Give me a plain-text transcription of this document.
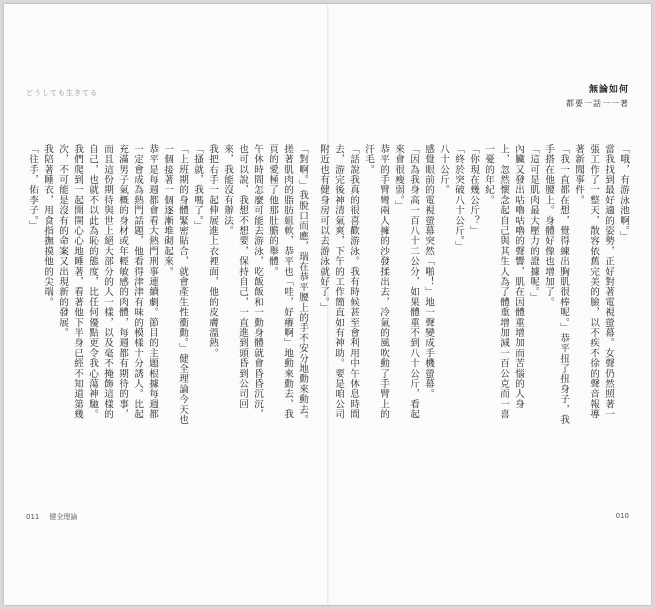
どうしても生きてる

「對啊。」我脫口而應，瑞在恭平腰上的手不安分地動來動去。搓著肌肉的脂肪組軟，恭平也「哇，好癢啊」地動來動去，我頁的愛極了他那肚膽的舉體。

午休時間怎麼可能去游泳，吃飯飯和一動身體就會昏昏沉沉，也可以說，我想不想要，保持自己，一直進到頭昏到公司回來，我能沒有辦法。

我把右手一起伸展進上衣裡面，他的皮膚溫熱。

「搔就，我嗎了。」

「上班期的身體緊密貼合，就會產生性衝動。」健全理論今天也一個接著一個逐漸堆砌起來。

恭平是每週都會看大熱門刑事連續劇。節目的主題根據每週都一定會成為熱門話題，他看得津津有味的模樣十分誘人。比起充滿男子氣概的身材或年輕敏感的肉體，每週都有期待的事，而且這份期待與世上絕大部分的人一樣，以及毫不掩飾這樣的自己，也就不以此為恥的態度，比任何優點更令我心蕩神馳。

我們爬到一起開開心心地睡著，看著他下半身已經不知道第幾次，不可能是沒有的命案又出現新的發展。

我陪著睡衣，用食指撫摸他的尖端。

「往手，佑李子。」

011 健全理論
無論如何
都要一話一一著

「哦，有游泳池啊。」

當我找到最好適的姿勢，正好對著電視螢幕。女聲仍然照著一張工作了一整天，散容依舊完美的臉，以不疾不徐的聲音報導著新聞事件。

「我一直都在想，覺得練出胸肌很棒呢。」恭平扭了扭身子，我手搭在他腰上。身體好像也增加了。

「這可是肌肉最大壓力的證據呢。」

內臟又發出咕嚕咕嚕的聲響，肌在因體重增加而苦惱的人身上，忽然懷念起自己與其生人為了體重增加減一百公克而一喜一憂的年紀。

「你現在幾公斤？」

「終於突破八十公斤。」

八十公斤。

感覺眼前的電視螢幕突然「啪！」地一聲變成手機螢幕。

「因為我身高一百八十二公分，如果體重不到八十公斤，看起來會很瘦弱。」

恭平的手臂彎兩人擁的沙發揉出去，冷氣的風吹動了手臂上的汗毛。

「話說我真的很喜歡游泳。我有時候甚至會利用中午休息時間去，游完後神清氣爽，下午的工作簡直如有神助。要是咱公司附近也有健身房可以去游泳就好了。」

010
